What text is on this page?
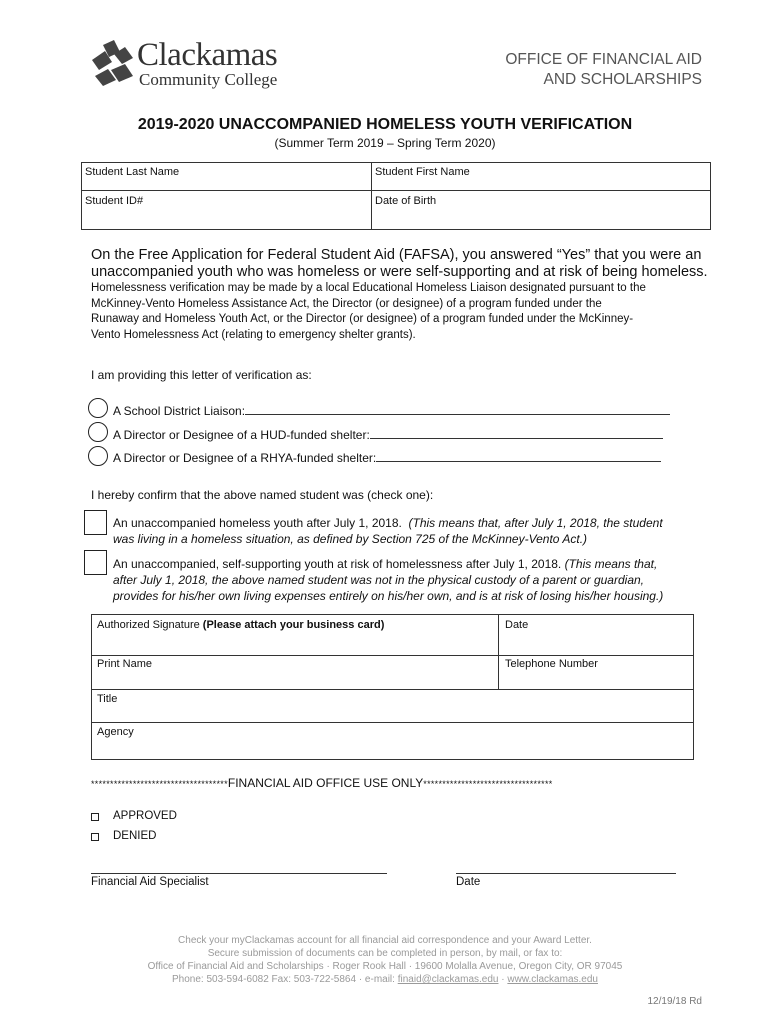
Clackamas
Community College
OFFICE OF FINANCIAL AID
AND SCHOLARSHIPS
2019-2020 UNACCOMPANIED HOMELESS YOUTH VERIFICATION
(Summer Term 2019 – Spring Term 2020)
Student Last Name	Student First Name
Student ID#	Date of Birth
On the Free Application for Federal Student Aid (FAFSA), you answered “Yes” that you were an
unaccompanied youth who was homeless or were self-supporting and at risk of being homeless.
Homelessness verification may be made by a local Educational Homeless Liaison designated pursuant to the
McKinney-Vento Homeless Assistance Act, the Director (or designee) of a program funded under the
Runaway and Homeless Youth Act, or the Director (or designee) of a program funded under the McKinney-
Vento Homelessness Act (relating to emergency shelter grants).
I am providing this letter of verification as:
A School District Liaison:
A Director or Designee of a HUD-funded shelter:
A Director or Designee of a RHYA-funded shelter:
I hereby confirm that the above named student was (check one):
An unaccompanied homeless youth after July 1, 2018. (This means that, after July 1, 2018, the student
was living in a homeless situation, as defined by Section 725 of the McKinney-Vento Act.)
An unaccompanied, self-supporting youth at risk of homelessness after July 1, 2018. (This means that,
after July 1, 2018, the above named student was not in the physical custody of a parent or guardian,
provides for his/her own living expenses entirely on his/her own, and is at risk of losing his/her housing.)
Authorized Signature (Please attach your business card)	Date
Print Name	Telephone Number
Title
Agency
************************************FINANCIAL AID OFFICE USE ONLY**********************************
APPROVED
DENIED
Financial Aid Specialist	Date
Check your myClackamas account for all financial aid correspondence and your Award Letter.
Secure submission of documents can be completed in person, by mail, or fax to:
Office of Financial Aid and Scholarships · Roger Rook Hall · 19600 Molalla Avenue, Oregon City, OR 97045
Phone: 503-594-6082 Fax: 503-722-5864 · e-mail: finaid@clackamas.edu · www.clackamas.edu
12/19/18 Rd
